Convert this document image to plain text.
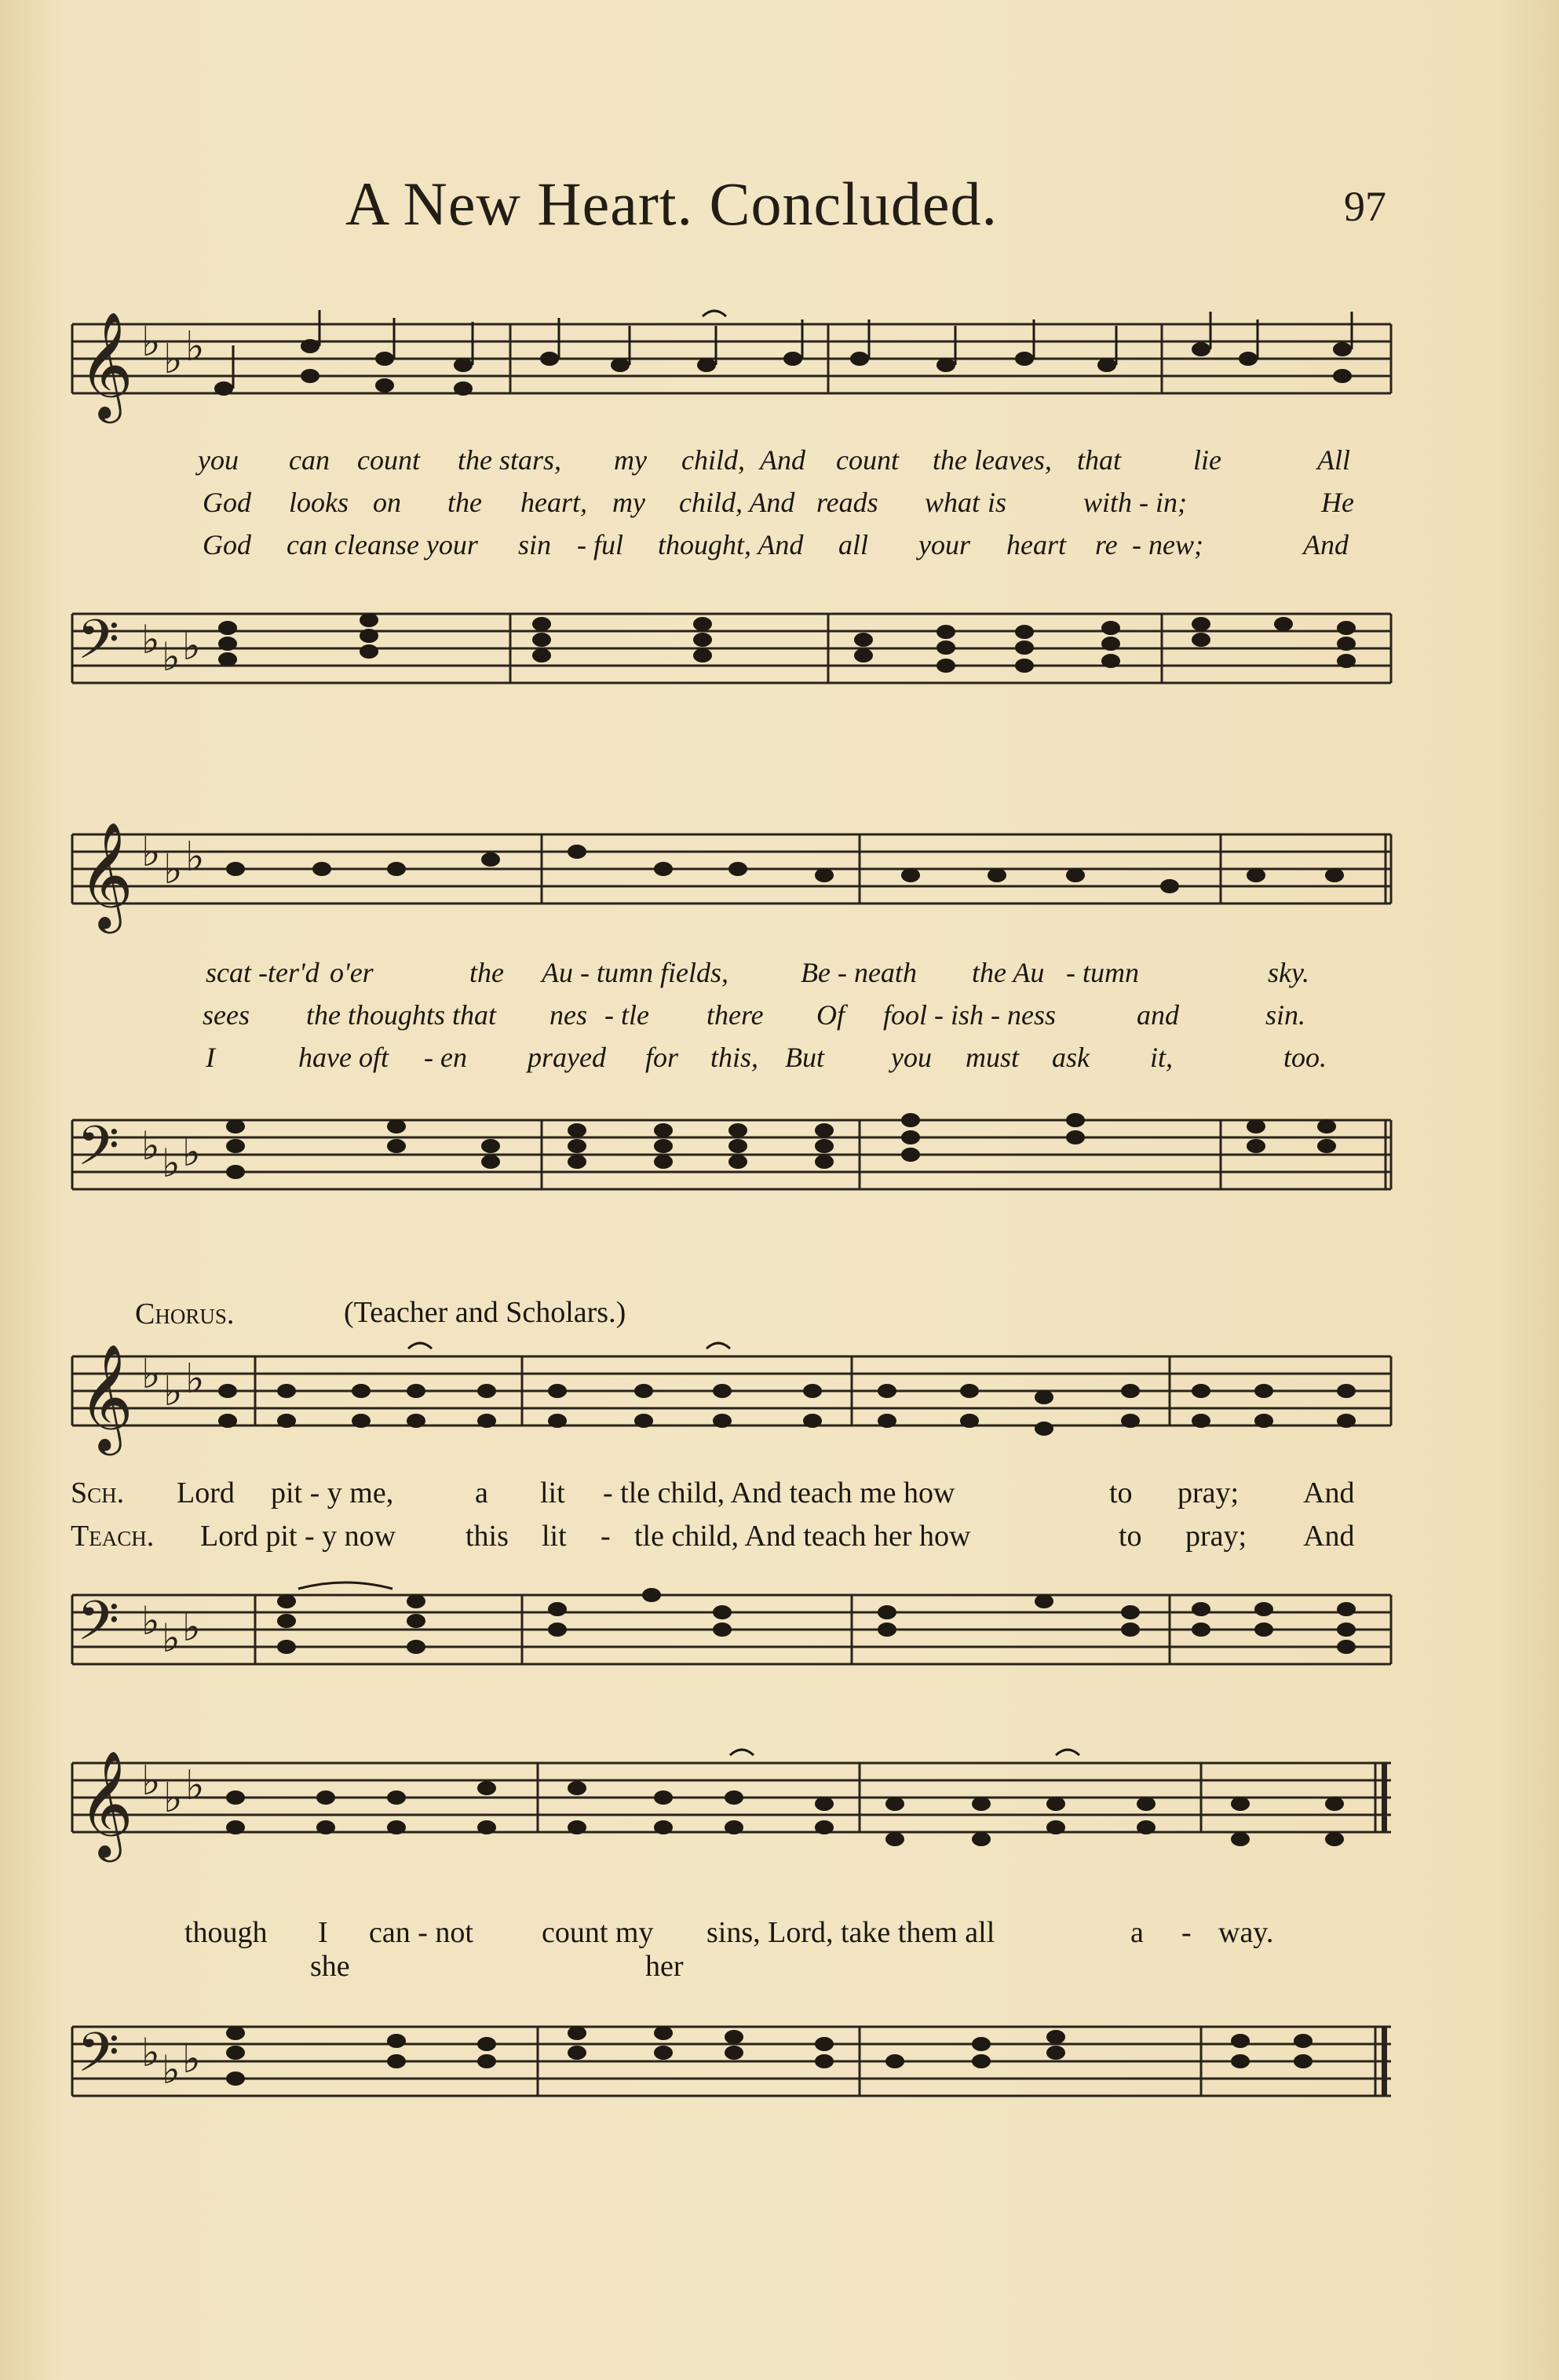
A New Heart. Concluded.	97
𝄞 ♭ ♭ ♭
you can count the stars, my child, And count the leaves, that	lie	All
God looks on the heart, my child, And reads what is	with - in;	He
God can cleanse your sin - ful thought, And all your heart re - new;	And
𝄢 ♭ ♭ ♭
𝄞 ♭ ♭ ♭
scat -ter'd o'er	the Au - tumn fields,	Be - neath the Au - tumn	sky.
sees the thoughts that nes - tle there Of fool - ish - ness	and	sin.
I	have oft - en prayed for this, But you must ask it,	too.
𝄢 ♭ ♭ ♭
Chorus.	(Teacher and Scholars.)
𝄞 ♭ ♭ ♭
Sch. Lord pit - y me,	a lit - tle child, And teach me how	to pray; And
Teach. Lord pit - y now this lit - tle child, And teach her how	to pray; And
𝄢 ♭ ♭ ♭
𝄞 ♭ ♭ ♭
though I can - not count my sins, Lord, take them all	a - way.
she	her
𝄢 ♭ ♭ ♭
